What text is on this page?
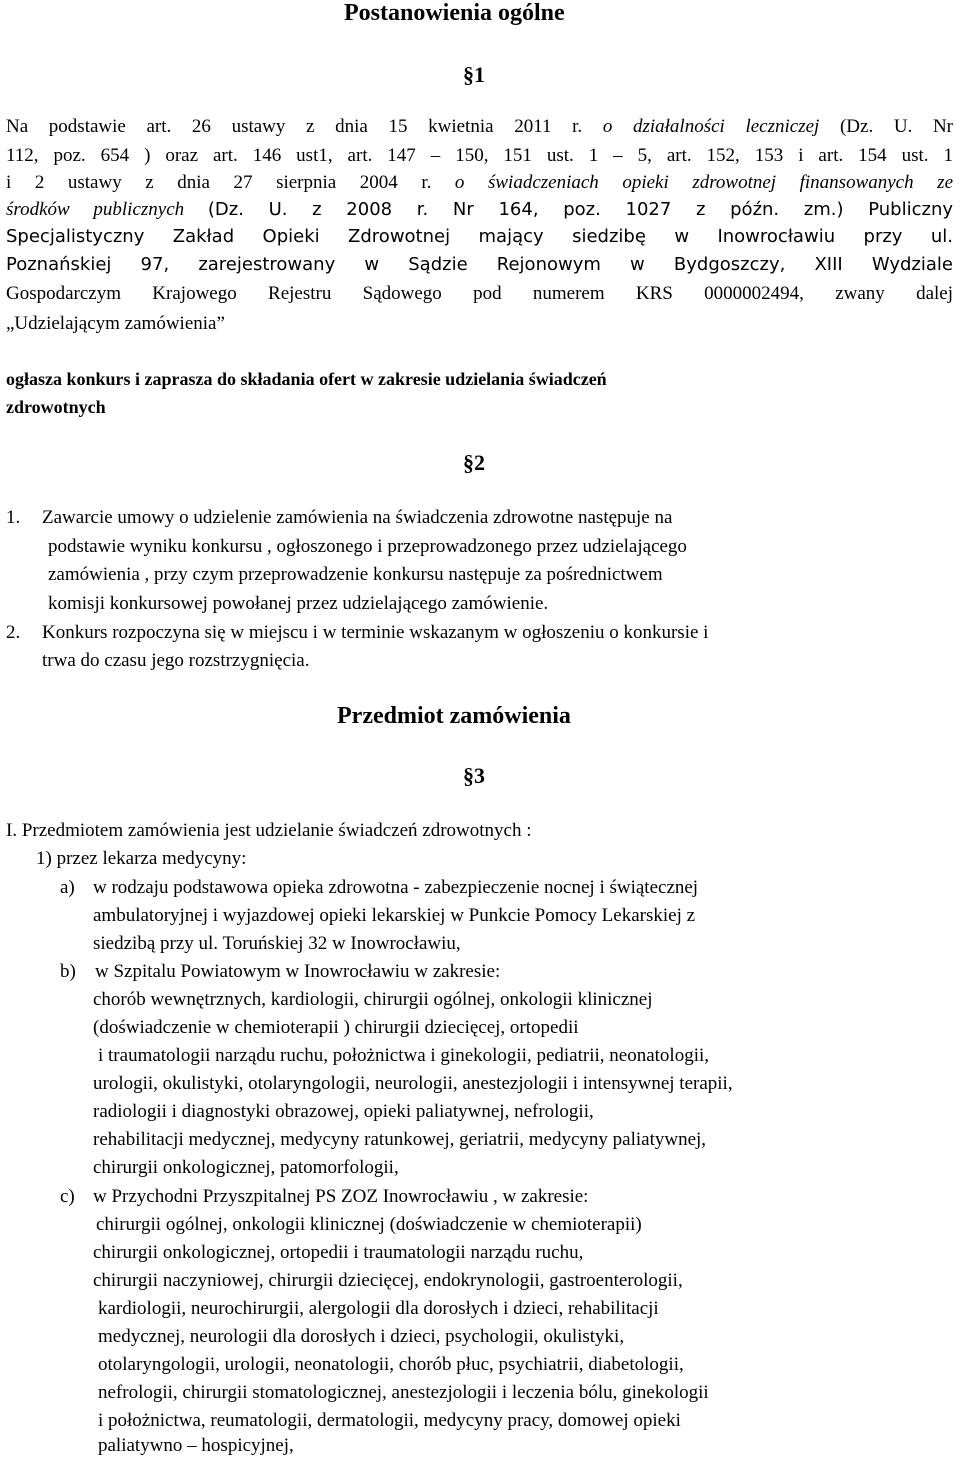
Postanowienia ogólne
§1
Na podstawie art. 26 ustawy z dnia 15 kwietnia 2011 r. o działalności leczniczej (Dz. U. Nr
112, poz. 654 ) oraz art. 146 ust1, art. 147 – 150, 151 ust. 1 – 5, art. 152, 153 i art. 154 ust. 1
i 2 ustawy z dnia 27 sierpnia 2004 r. o świadczeniach opieki zdrowotnej finansowanych ze
środków publicznych (Dz. U. z 2008 r. Nr 164, poz. 1027 z późn. zm.) Publiczny
Specjalistyczny Zakład Opieki Zdrowotnej mający siedzibę w Inowrocławiu przy ul.
Poznańskiej 97, zarejestrowany w Sądzie Rejonowym w Bydgoszczy, XIII Wydziale
Gospodarczym Krajowego Rejestru Sądowego pod numerem KRS 0000002494, zwany dalej
„Udzielającym zamówienia”
ogłasza konkurs i zaprasza do składania ofert w zakresie udzielania świadczeń
zdrowotnych
§2
1. Zawarcie umowy o udzielenie zamówienia na świadczenia zdrowotne następuje na
podstawie wyniku konkursu , ogłoszonego i przeprowadzonego przez udzielającego
zamówienia , przy czym przeprowadzenie konkursu następuje za pośrednictwem
komisji konkursowej powołanej przez udzielającego zamówienie.
2. Konkurs rozpoczyna się w miejscu i w terminie wskazanym w ogłoszeniu o konkursie i
trwa do czasu jego rozstrzygnięcia.
Przedmiot zamówienia
§3
I. Przedmiotem zamówienia jest udzielanie świadczeń zdrowotnych :
1) przez lekarza medycyny:
a) w rodzaju podstawowa opieka zdrowotna - zabezpieczenie nocnej i świątecznej
ambulatoryjnej i wyjazdowej opieki lekarskiej w Punkcie Pomocy Lekarskiej z
siedzibą przy ul. Toruńskiej 32 w Inowrocławiu,
b) w Szpitalu Powiatowym w Inowrocławiu w zakresie:
chorób wewnętrznych, kardiologii, chirurgii ogólnej, onkologii klinicznej
(doświadczenie w chemioterapii ) chirurgii dziecięcej, ortopedii
i traumatologii narządu ruchu, położnictwa i ginekologii, pediatrii, neonatologii,
urologii, okulistyki, otolaryngologii, neurologii, anestezjologii i intensywnej terapii,
radiologii i diagnostyki obrazowej, opieki paliatywnej, nefrologii,
rehabilitacji medycznej, medycyny ratunkowej, geriatrii, medycyny paliatywnej,
chirurgii onkologicznej, patomorfologii,
c) w Przychodni Przyszpitalnej PS ZOZ Inowrocławiu , w zakresie:
chirurgii ogólnej, onkologii klinicznej (doświadczenie w chemioterapii)
chirurgii onkologicznej, ortopedii i traumatologii narządu ruchu,
chirurgii naczyniowej, chirurgii dziecięcej, endokrynologii, gastroenterologii,
kardiologii, neurochirurgii, alergologii dla dorosłych i dzieci, rehabilitacji
medycznej, neurologii dla dorosłych i dzieci, psychologii, okulistyki,
otolaryngologii, urologii, neonatologii, chorób płuc, psychiatrii, diabetologii,
nefrologii, chirurgii stomatologicznej, anestezjologii i leczenia bólu, ginekologii
i położnictwa, reumatologii, dermatologii, medycyny pracy, domowej opieki
paliatywno – hospicyjnej,
